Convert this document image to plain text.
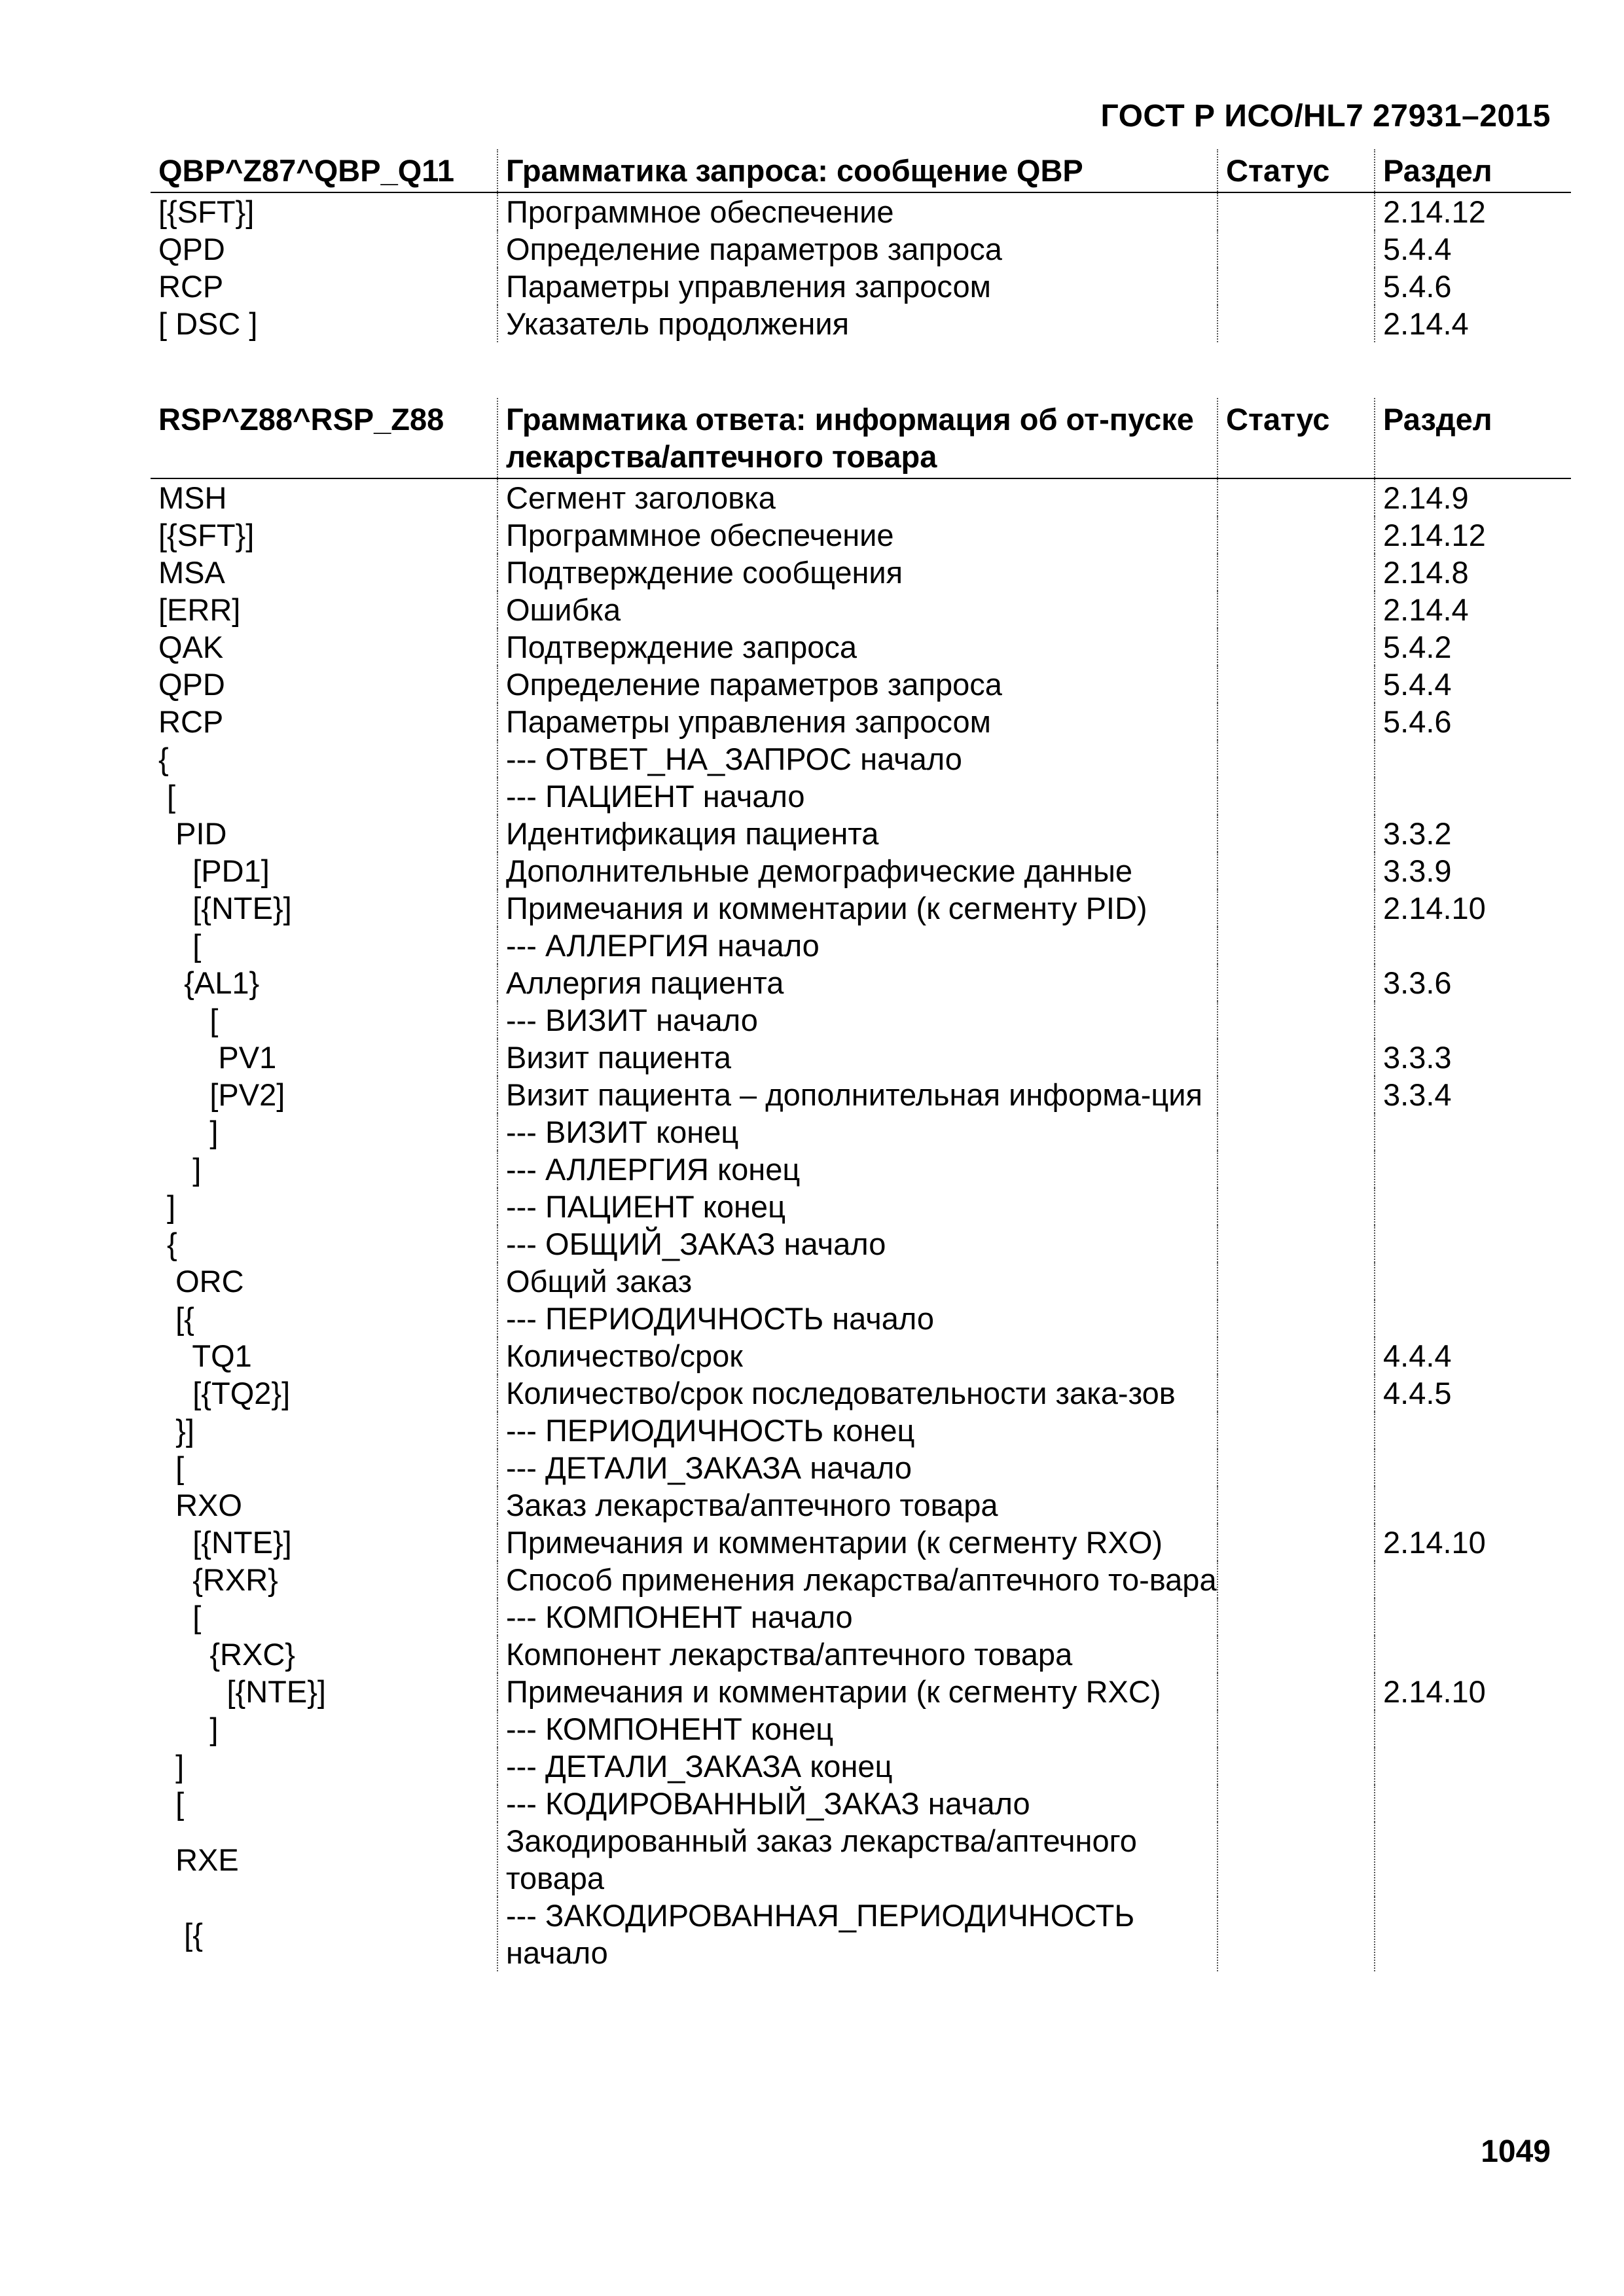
ГОСТ Р ИСО/HL7 27931–2015
QBP^Z87^QBP_Q11	Грамматика запроса: сообщение QBP	Статус	Раздел
[{SFT}]	Программное обеспечение		2.14.12
QPD	Определение параметров запроса		5.4.4
RCP	Параметры управления запросом		5.4.6
[ DSC ]	Указатель продолжения		2.14.4
RSP^Z88^RSP_Z88	Грамматика ответа: информация об от-пуске лекарства/аптечного товара	Статус	Раздел
MSH	Сегмент заголовка		2.14.9
[{SFT}]	Программное обеспечение		2.14.12
MSA	Подтверждение сообщения		2.14.8
[ERR]	Ошибка		2.14.4
QAK	Подтверждение запроса		5.4.2
QPD	Определение параметров запроса		5.4.4
RCP	Параметры управления запросом		5.4.6
{	--- ОТВЕТ_НА_ЗАПРОС начало		
[	--- ПАЦИЕНТ начало		
PID	Идентификация пациента		3.3.2
[PD1]	Дополнительные демографические данные		3.3.9
[{NTE}]	Примечания и комментарии (к сегменту PID)		2.14.10
[	--- АЛЛЕРГИЯ начало		
{AL1}	Аллергия пациента		3.3.6
[	--- ВИЗИТ начало		
PV1	Визит пациента		3.3.3
[PV2]	Визит пациента – дополнительная информа-ция		3.3.4
]	--- ВИЗИТ конец		
]	--- АЛЛЕРГИЯ конец		
]	--- ПАЦИЕНТ конец		
{	--- ОБЩИЙ_ЗАКАЗ начало		
ORC	Общий заказ		
[{	--- ПЕРИОДИЧНОСТЬ начало		
TQ1	Количество/срок		4.4.4
[{TQ2}]	Количество/срок последовательности зака-зов		4.4.5
}]	--- ПЕРИОДИЧНОСТЬ конец		
[	--- ДЕТАЛИ_ЗАКАЗА начало		
RXO	Заказ лекарства/аптечного товара		
[{NTE}]	Примечания и комментарии (к сегменту RXO)		2.14.10
{RXR}	Способ применения лекарства/аптечного то-вара		
[	--- КОМПОНЕНТ начало		
{RXC}	Компонент лекарства/аптечного товара		
[{NTE}]	Примечания и комментарии (к сегменту RXC)		2.14.10
]	--- КОМПОНЕНТ конец		
]	--- ДЕТАЛИ_ЗАКАЗА конец		
[	--- КОДИРОВАННЫЙ_ЗАКАЗ начало		
RXE	Закодированный заказ лекарства/аптечного товара		
[{	--- ЗАКОДИРОВАННАЯ_ПЕРИОДИЧНОСТЬ начало		
1049
